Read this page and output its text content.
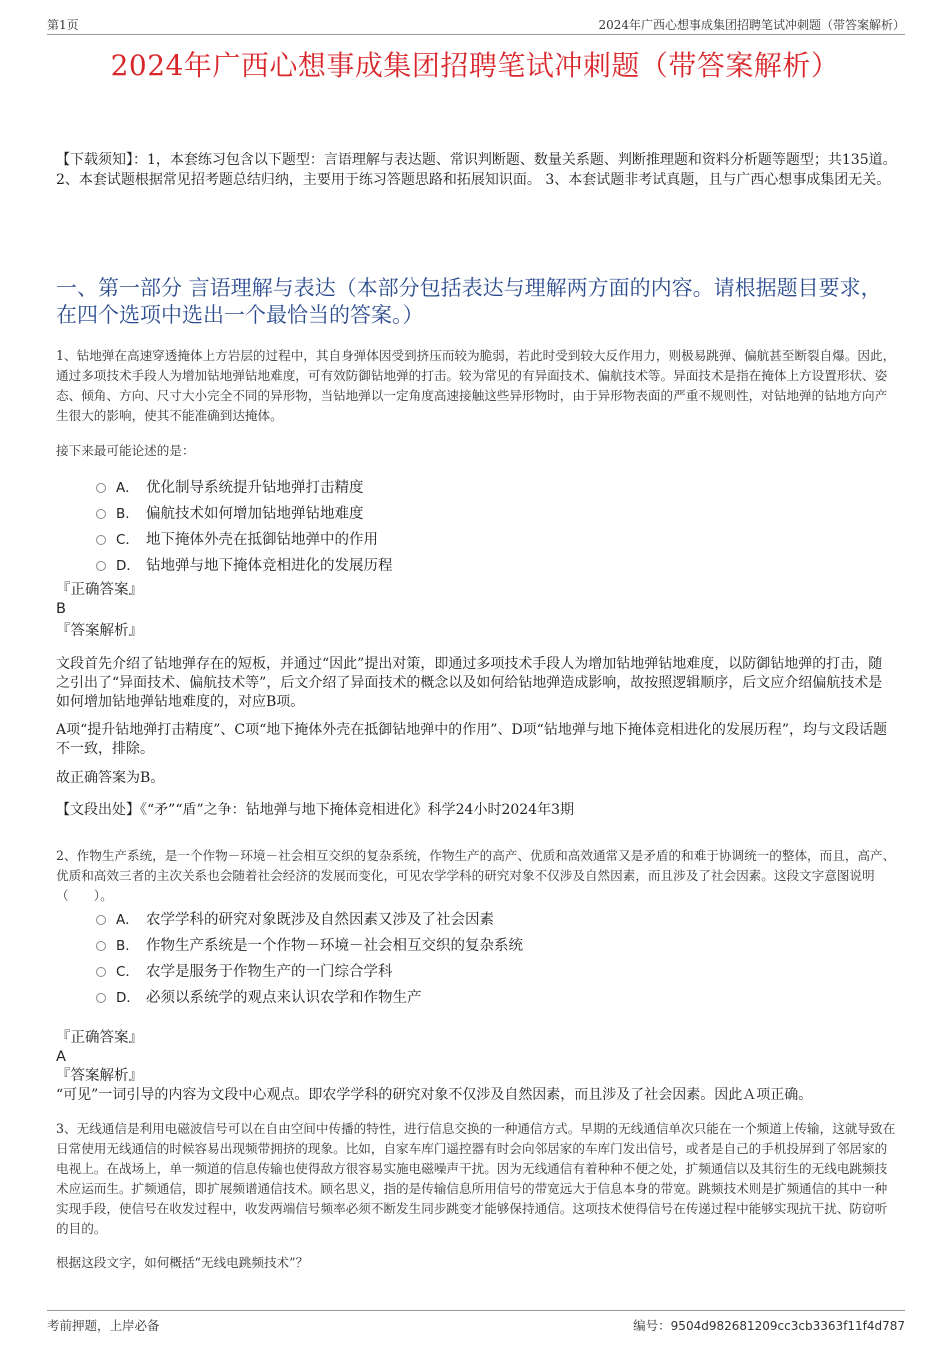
第1页	2024年广西心想事成集团招聘笔试冲刺题（带答案解析）
2024年广西心想事成集团招聘笔试冲刺题（带答案解析）
【下载须知】：1，本套练习包含以下题型：言语理解与表达题、常识判断题、数量关系题、判断推理题和资料分析题等题型；共135道。 2、本套试题根据常见招考题总结归纳，主要用于练习答题思路和拓展知识面。 3、本套试题非考试真题，且与广西心想事成集团无关。
一、第一部分 言语理解与表达（本部分包括表达与理解两方面的内容。请根据题目要求，在四个选项中选出一个最恰当的答案。）

1、钻地弹在高速穿透掩体上方岩层的过程中，其自身弹体因受到挤压而较为脆弱，若此时受到较大反作用力，则极易跳弹、偏航甚至断裂自爆。因此，通过多项技术手段人为增加钻地弹钻地难度，可有效防御钻地弹的打击。较为常见的有异面技术、偏航技术等。异面技术是指在掩体上方设置形状、姿态、倾角、方向、尺寸大小完全不同的异形物，当钻地弹以一定角度高速接触这些异形物时，由于异形物表面的严重不规则性，对钻地弹的钻地方向产生很大的影响，使其不能准确到达掩体。

接下来最可能论述的是：

A． 优化制导系统提升钻地弹打击精度
B． 偏航技术如何增加钻地弹钻地难度
C． 地下掩体外壳在抵御钻地弹中的作用
D． 钻地弹与地下掩体竞相进化的发展历程

『正确答案』

B

『答案解析』

文段首先介绍了钻地弹存在的短板，并通过“因此”提出对策，即通过多项技术手段人为增加钻地弹钻地难度，以防御钻地弹的打击，随之引出了“异面技术、偏航技术等”，后文介绍了异面技术的概念以及如何给钻地弹造成影响，故按照逻辑顺序，后文应介绍偏航技术是如何增加钻地弹钻地难度的，对应B项。

A项“提升钻地弹打击精度”、C项“地下掩体外壳在抵御钻地弹中的作用”、D项“钻地弹与地下掩体竞相进化的发展历程”，均与文段话题不一致，排除。

故正确答案为B。

【文段出处】《“矛”“盾”之争：钻地弹与地下掩体竞相进化》科学24小时2024年3期

2、作物生产系统，是一个作物－环境－社会相互交织的复杂系统，作物生产的高产、优质和高效通常又是矛盾的和难于协调统一的整体，而且，高产、优质和高效三者的主次关系也会随着社会经济的发展而变化，可见农学学科的研究对象不仅涉及自然因素，而且涉及了社会因素。这段文字意图说明（　　）。

A． 农学学科的研究对象既涉及自然因素又涉及了社会因素
B． 作物生产系统是一个作物－环境－社会相互交织的复杂系统
C． 农学是服务于作物生产的一门综合学科
D． 必须以系统学的观点来认识农学和作物生产

『正确答案』

A

『答案解析』

“可见”一词引导的内容为文段中心观点。即农学学科的研究对象不仅涉及自然因素，而且涉及了社会因素。因此Ａ项正确。

3、无线通信是利用电磁波信号可以在自由空间中传播的特性，进行信息交换的一种通信方式。早期的无线通信单次只能在一个频道上传输，这就导致在日常使用无线通信的时候容易出现频带拥挤的现象。比如，自家车库门遥控器有时会向邻居家的车库门发出信号，或者是自己的手机投屏到了邻居家的电视上。在战场上，单一频道的信息传输也使得敌方很容易实施电磁噪声干扰。因为无线通信有着种种不便之处，扩频通信以及其衍生的无线电跳频技术应运而生。扩频通信，即扩展频谱通信技术。顾名思义，指的是传输信息所用信号的带宽远大于信息本身的带宽。跳频技术则是扩频通信的其中一种实现手段，使信号在收发过程中，收发两端信号频率必须不断发生同步跳变才能够保持通信。这项技术使得信号在传递过程中能够实现抗干扰、防窃听的目的。

根据这段文字，如何概括“无线电跳频技术”？

考前押题，上岸必备	编号：9504d982681209cc3cb3363f11f4d787
